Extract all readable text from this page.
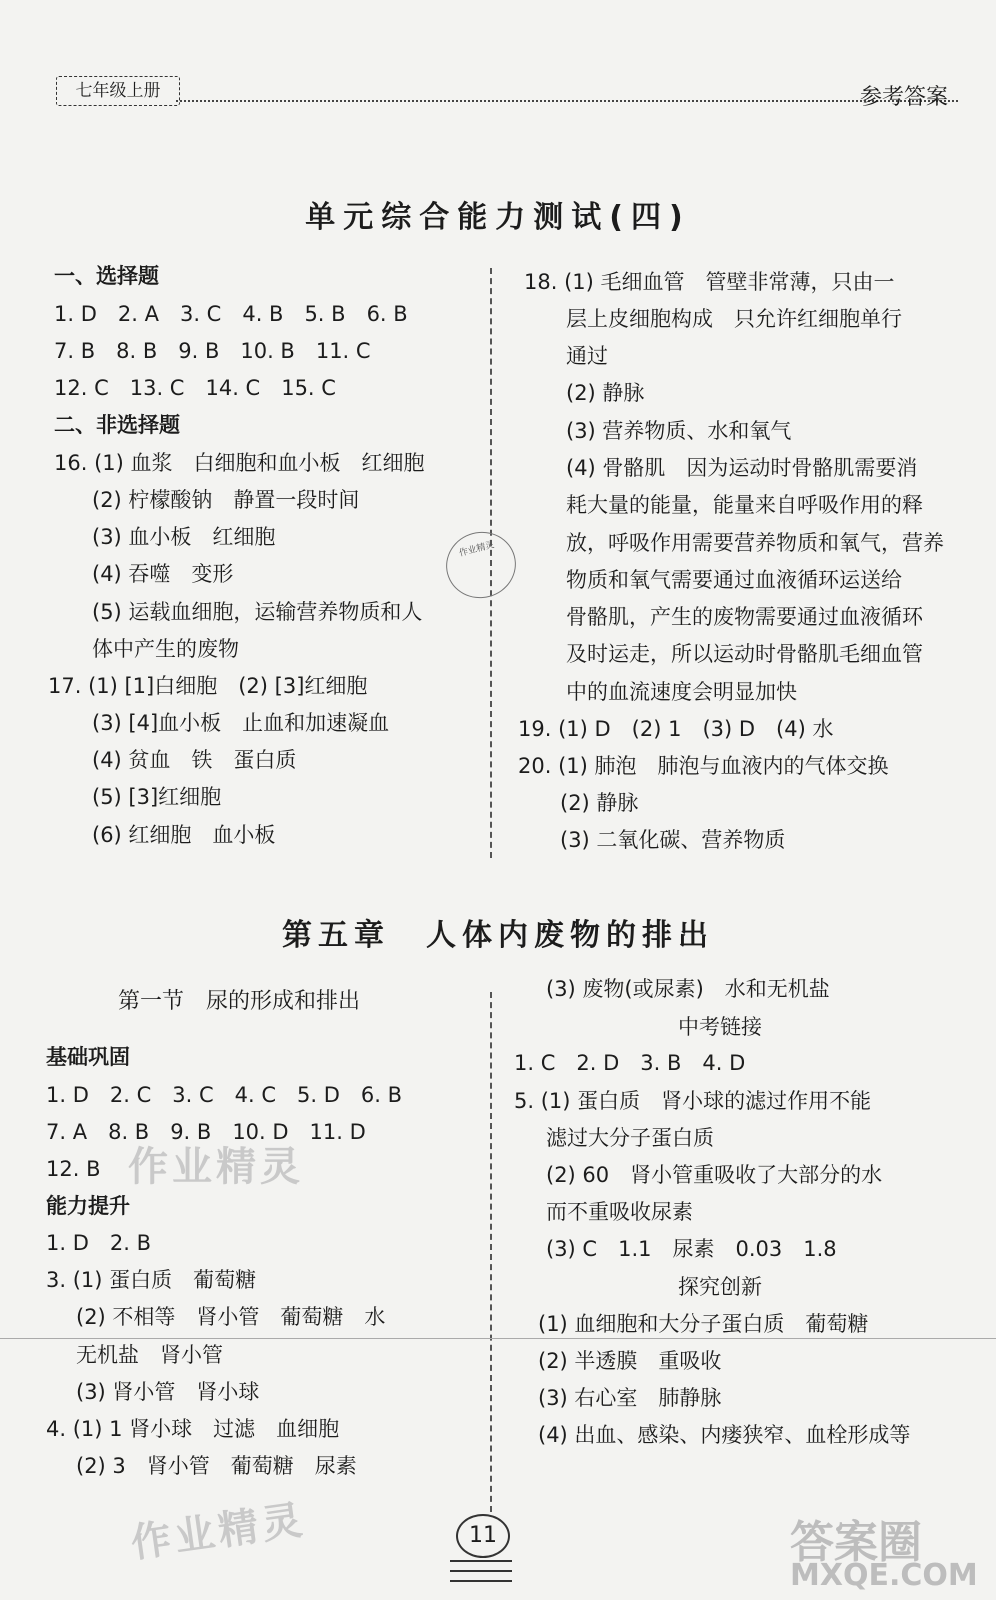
七年级上册	参考答案
单元综合能力测试(四)
第五章　人体内废物的排出
一、选择题
1. D　2. A　3. C　4. B　5. B　6. B
7. B　8. B　9. B　10. B　11. C
12. C　13. C　14. C　15. C
二、非选择题
16. (1) 血浆　白细胞和血小板　红细胞
(2) 柠檬酸钠　静置一段时间
(3) 血小板　红细胞
(4) 吞噬　变形
(5) 运载血细胞，运输营养物质和人
体中产生的废物
17. (1) [1]白细胞　(2) [3]红细胞
(3) [4]血小板　止血和加速凝血
(4) 贫血　铁　蛋白质
(5) [3]红细胞
(6) 红细胞　血小板
18. (1) 毛细血管　管壁非常薄，只由一
层上皮细胞构成　只允许红细胞单行
通过
(2) 静脉
(3) 营养物质、水和氧气
(4) 骨骼肌　因为运动时骨骼肌需要消
耗大量的能量，能量来自呼吸作用的释
放，呼吸作用需要营养物质和氧气，营养
物质和氧气需要通过血液循环运送给
骨骼肌，产生的废物需要通过血液循环
及时运走，所以运动时骨骼肌毛细血管
中的血流速度会明显加快
19. (1) D　(2) 1　(3) D　(4) 水
20. (1) 肺泡　肺泡与血液内的气体交换
(2) 静脉
(3) 二氧化碳、营养物质
第一节　尿的形成和排出
基础巩固
1. D　2. C　3. C　4. C　5. D　6. B
7. A　8. B　9. B　10. D　11. D
12. B
能力提升
1. D　2. B
3. (1) 蛋白质　葡萄糖
(2) 不相等　肾小管　葡萄糖　水
无机盐　肾小管
(3) 肾小管　肾小球
4. (1) 1 肾小球　过滤　血细胞
(2) 3　肾小管　葡萄糖　尿素
(3) 废物(或尿素)　水和无机盐
中考链接
1. C　2. D　3. B　4. D
5. (1) 蛋白质　肾小球的滤过作用不能
滤过大分子蛋白质
(2) 60　肾小管重吸收了大部分的水
而不重吸收尿素
(3) C　1.1　尿素　0.03　1.8
探究创新
(1) 血细胞和大分子蛋白质　葡萄糖
(2) 半透膜　重吸收
(3) 右心室　肺静脉
(4) 出血、感染、内瘘狭窄、血栓形成等
作业精灵
作业精灵
作业精灵	答案圈
MXQE.COM
11
